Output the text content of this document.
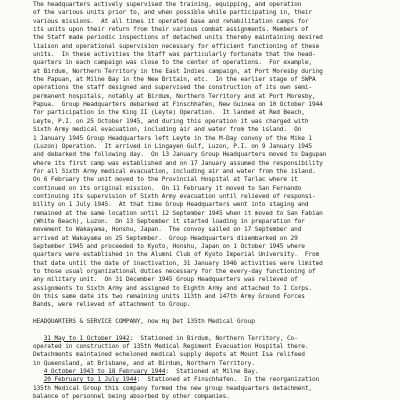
The headquarters actively supervised the training, equipping, and operation
of the various units prior to, and when possible while participating in, their
various missions.  At all times it operated base and rehabilitation camps for
its units upon their return from their various combat assignments. Members of
the Staff made periodic inspections of detached units thereby maintaining desired
liaison and operational supervision necessary for efficient functioning of these
units.  In these activities the Staff was particularly fortunate that the head-
quarters in each campaign was close to the center of operations.  For example,
at Birdum, Northern Territory in the East Indies campaign, at Port Moresby during
the Papuan, at Milne Bay in the New Britain, etc.  In the earlier stage of SWPA
operations the staff designed and supervised the construction of its own semi-
permanent hospitals, notably at Birdum, Northern Territory and at Port Moresby,
Papua.  Group Headquarters debarked at Finschhafen, New Guinea on 10 October 1944
for participation in the King II (Leyte) Operation.  It landed at Red Beach,
Leyte, P.I. on 25 October 1945, and during this operation it was charged with
Sixth Army medical evacuation, including air and water from the island.  On
1 January 1945 Group Headquarters left Leyte in the M-Day convoy of the Mike 1
(Luzon) Operation.  It arrived in Lingayen Gulf, Luzon, P.I. on 9 January 1945
and debarked the following day.  On 13 January Group Headquarters moved to Dagupan
where its first camp was established and on 17 January assumed the responsibility
for all Sixth Army medical evacuation, including air and water from the island.
On 6 February the unit moved to the Provincial Hospital at Tarlac where it
continued on its original mission.  On 11 February it moved to San Fernando
continuing its supervision of Sixth Army evacuation until relieved of responsi-
bility on 1 July 1945.  At that time Group Headquarters went into staging and
remained at the same location until 12 September 1945 when it moved to San Fabian
(White Beach), Luzon.  On 13 September it started loading in preparation for
movement to Wakayama, Honshu, Japan.  The convoy sailed on 17 September and
arrived at Wakayama on 25 September.  Group Headquarters disembarked on 29
September 1945 and proceeded to Kyoto, Honshu, Japan on 1 October 1945 where
quarters were established in the Alumni Club of Kyoto Imperial University.  From
that date until the date of inactivation, 31 January 1946 activities were limited
to those usual organizational duties necessary for the every-day functioning of
any military unit.  On 31 December 1945 Group Headquarters was relieved of
assignments to Sixth Army and assigned to Eighth Army and attached to I Corps.
On this same date its two remaining units 113th and 147th Army Ground Forces
Bands, were relieved of attachment to Group.
HEADQUARTERS & SERVICE COMPANY, now Hq Det 135th Medical Group
31 May to 1 October 1942:  Stationed in Birdum, Northern Territory, Co-
operated in construction of 135th Medical Regiment Evacuation Hospital there.
Detachments maintained echeloned medical supply depots at Mount Isa relifeed
in Queensland, at Brisbane, and at Birdum, Northern Territory.
4 October 1943 to 18 February 1944:  Stationed at Milne Bay.
20 February to 1 July 1944:  Stationed at Finschhafen.  In the reorganization
135th Medical Group this company formed the new group headquarters detachment,
balance of personnel being absorbed by other companies.
